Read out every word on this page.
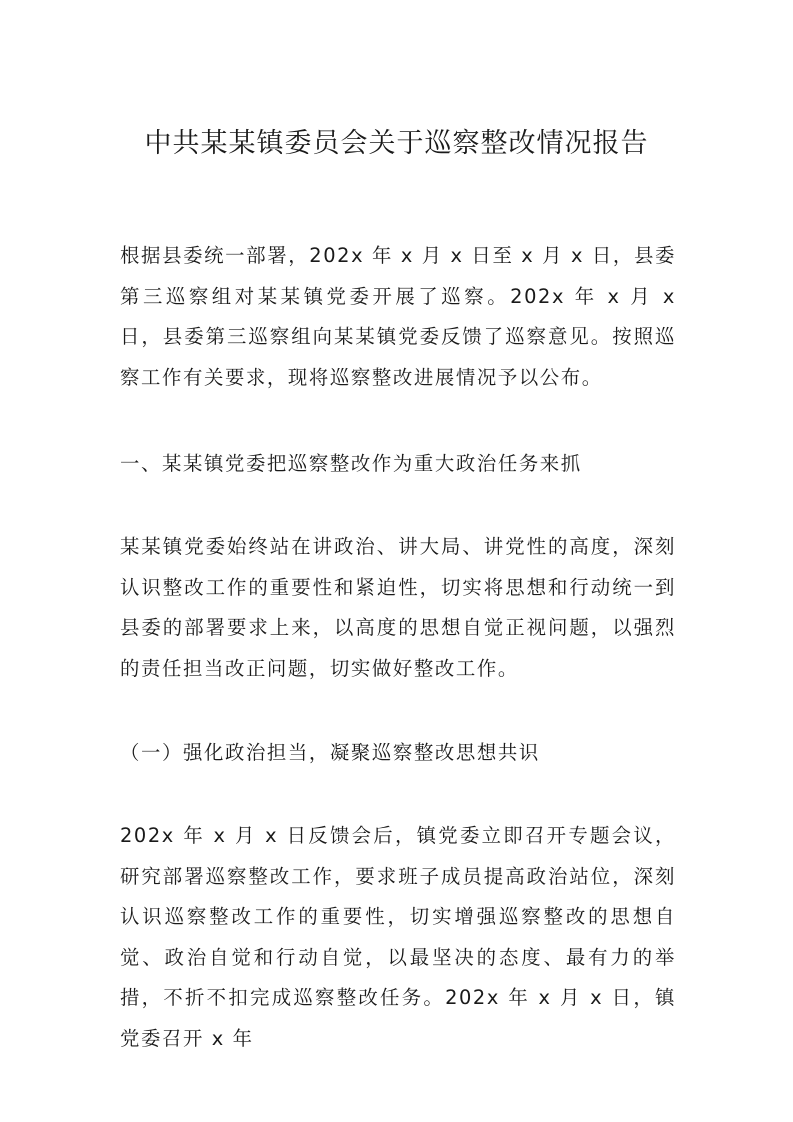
中共某某镇委员会关于巡察整改情况报告

根据县委统一部署，202x 年 x 月 x 日至 x 月 x 日，县委第三巡察组对某某镇党委开展了巡察。202x 年 x 月 x 日，县委第三巡察组向某某镇党委反馈了巡察意见。按照巡察工作有关要求，现将巡察整改进展情况予以公布。

一、某某镇党委把巡察整改作为重大政治任务来抓

某某镇党委始终站在讲政治、讲大局、讲党性的高度，深刻认识整改工作的重要性和紧迫性，切实将思想和行动统一到县委的部署要求上来，以高度的思想自觉正视问题，以强烈的责任担当改正问题，切实做好整改工作。

（一）强化政治担当，凝聚巡察整改思想共识

202x 年 x 月 x 日反馈会后，镇党委立即召开专题会议，研究部署巡察整改工作，要求班子成员提高政治站位，深刻认识巡察整改工作的重要性，切实增强巡察整改的思想自觉、政治自觉和行动自觉，以最坚决的态度、最有力的举措，不折不扣完成巡察整改任务。202x 年 x 月 x 日，镇党委召开 x 年
